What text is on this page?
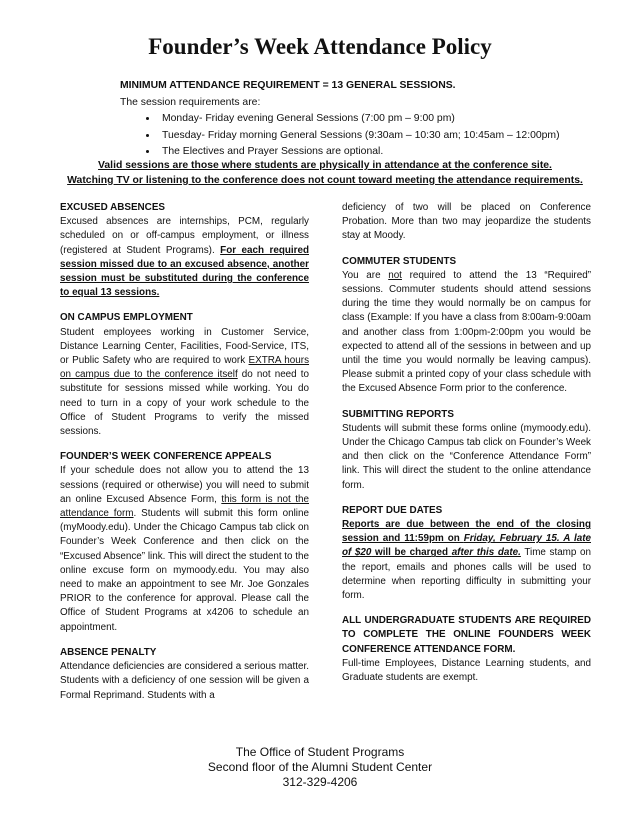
Founder’s Week Attendance Policy

MINIMUM ATTENDANCE REQUIREMENT = 13 GENERAL SESSIONS.

The session requirements are:

• Monday- Friday evening General Sessions (7:00 pm – 9:00 pm)
• Tuesday- Friday morning General Sessions (9:30am – 10:30 am; 10:45am – 12:00pm)
• The Electives and Prayer Sessions are optional.

Valid sessions are those where students are physically in attendance at the conference site.

Watching TV or listening to the conference does not count toward meeting the attendance requirements.

EXCUSED ABSENCES

Excused absences are internships, PCM, regularly scheduled on or off-campus employment, or illness (registered at Student Programs). For each required session missed due to an excused absence, another session must be substituted during the conference to equal 13 sessions.

ON CAMPUS EMPLOYMENT

Student employees working in Customer Service, Distance Learning Center, Facilities, Food-Service, ITS, or Public Safety who are required to work EXTRA hours on campus due to the conference itself do not need to substitute for sessions missed while working. You do need to turn in a copy of your work schedule to the Office of Student Programs to verify the missed sessions.

FOUNDER’S WEEK CONFERENCE APPEALS

If your schedule does not allow you to attend the 13 sessions (required or otherwise) you will need to submit an online Excused Absence Form, this form is not the attendance form. Students will submit this form online (myMoody.edu). Under the Chicago Campus tab click on Founder’s Week Conference and then click on the “Excused Absence” link. This will direct the student to the online excuse form on mymoody.edu. You may also need to make an appointment to see Mr. Joe Gonzales PRIOR to the conference for approval. Please call the Office of Student Programs at x4206 to schedule an appointment.

ABSENCE PENALTY

Attendance deficiencies are considered a serious matter. Students with a deficiency of one session will be given a Formal Reprimand. Students with a

deficiency of two will be placed on Conference Probation. More than two may jeopardize the students stay at Moody.

COMMUTER STUDENTS

You are not required to attend the 13 “Required” sessions. Commuter students should attend sessions during the time they would normally be on campus for class (Example: If you have a class from 8:00am-9:00am and another class from 1:00pm-2:00pm you would be expected to attend all of the sessions in between and up until the time you would normally be leaving campus). Please submit a printed copy of your class schedule with the Excused Absence Form prior to the conference.

SUBMITTING REPORTS

Students will submit these forms online (mymoody.edu). Under the Chicago Campus tab click on Founder’s Week and then click on the “Conference Attendance Form” link. This will direct the student to the online attendance form.

REPORT DUE DATES

Reports are due between the end of the closing session and 11:59pm on Friday, February 15. A late of $20 will be charged after this date. Time stamp on the report, emails and phones calls will be used to determine when reporting difficulty in submitting your form.

ALL UNDERGRADUATE STUDENTS ARE REQUIRED TO COMPLETE THE ONLINE FOUNDERS WEEK CONFERENCE ATTENDANCE FORM.

Full-time Employees, Distance Learning students, and Graduate students are exempt.

The Office of Student Programs
Second floor of the Alumni Student Center
312-329-4206
